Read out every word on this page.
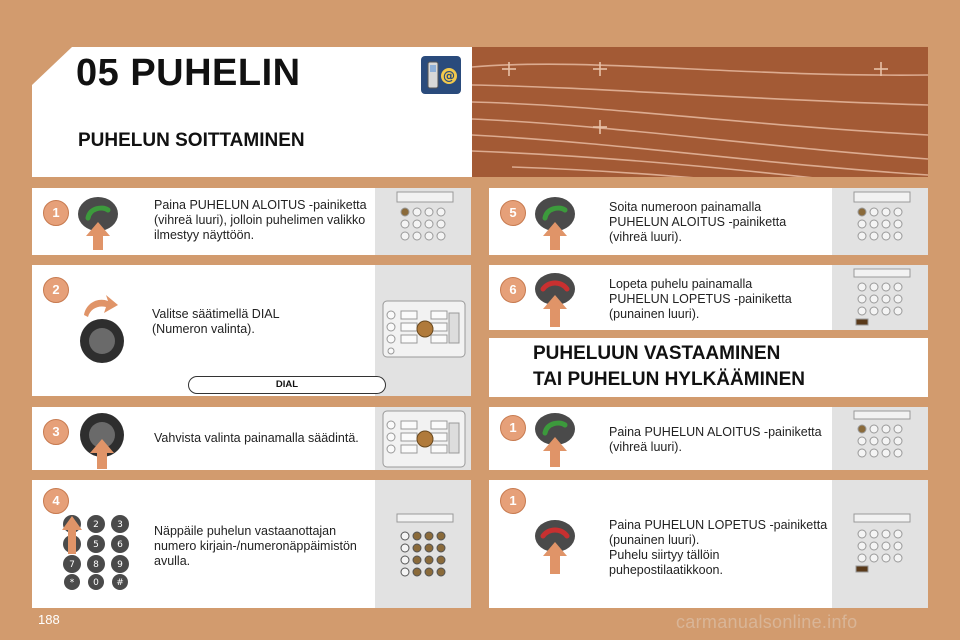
05 PUHELIN
PUHELUN SOITTAMINEN
@
1	Paina PUHELUN ALOITUS -painiketta
(vihreä luuri), jolloin puhelimen valikko
ilmestyy näyttöön.
2
Valitse säätimellä DIAL
(Numeron valinta).
DIAL
3	Vahvista valinta painamalla säädintä.
4
2 3
5 6
7 8 9
* 0 #
Näppäile puhelun vastaanottajan
numero kirjain-/numeronäppäimistön
avulla.
5	Soita numeroon painamalla
PUHELUN ALOITUS -painiketta
(vihreä luuri).
6	Lopeta puhelu painamalla
PUHELUN LOPETUS -painiketta
(punainen luuri).
PUHELUUN VASTAAMINEN
TAI PUHELUN HYLKÄÄMINEN
1	Paina PUHELUN ALOITUS -painiketta
(vihreä luuri).
1
Paina PUHELUN LOPETUS -painiketta
(punainen luuri).
Puhelu siirtyy tällöin
puhepostilaatikkoon.
188	carmanualsonline.info
